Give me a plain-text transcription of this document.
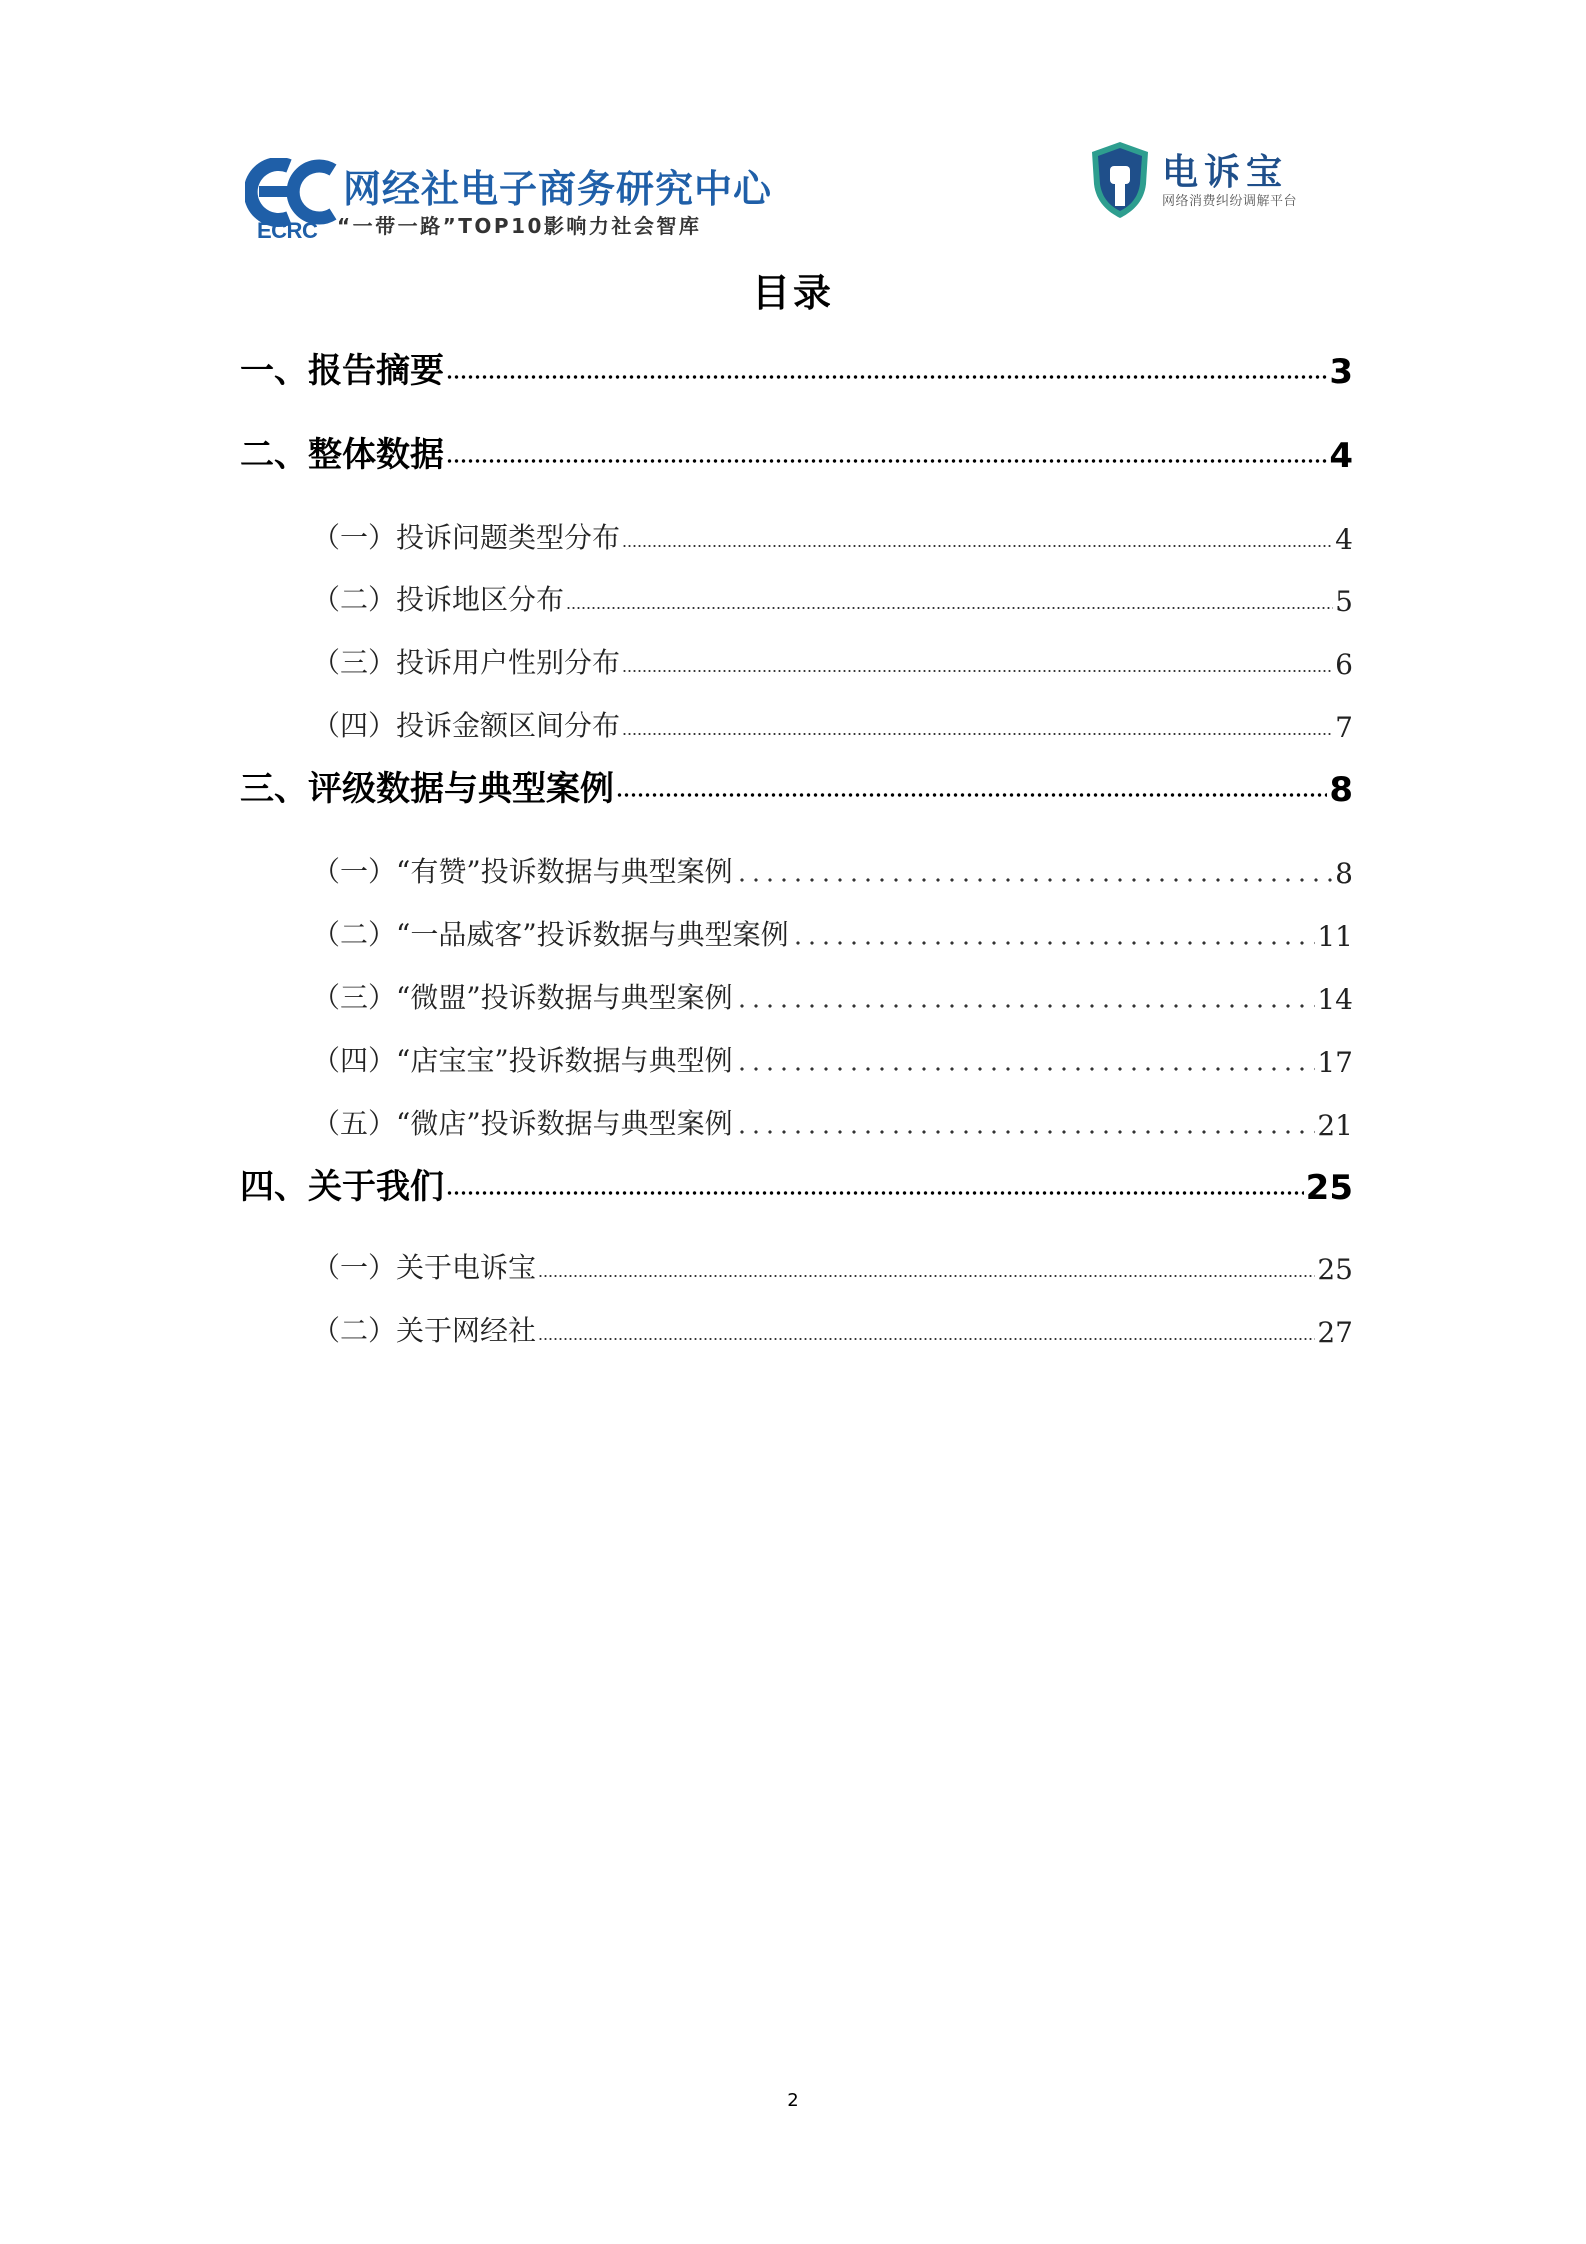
ECRC
网经社电子商务研究中心
“一带一路”TOP10影响力社会智库
电诉宝
网络消费纠纷调解平台
目录
一、报告摘要	3
二、整体数据	4
（一）投诉问题类型分布	4
（二）投诉地区分布	5
（三）投诉用户性别分布	6
（四）投诉金额区间分布	7
三、评级数据与典型案例	8
（一）“有赞”投诉数据与典型案例	8
（二）“一品威客”投诉数据与典型案例	11
（三）“微盟”投诉数据与典型案例	14
（四）“店宝宝”投诉数据与典型例	17
（五）“微店”投诉数据与典型案例	21
四、关于我们	25
（一）关于电诉宝	25
（二）关于网经社	27
2
